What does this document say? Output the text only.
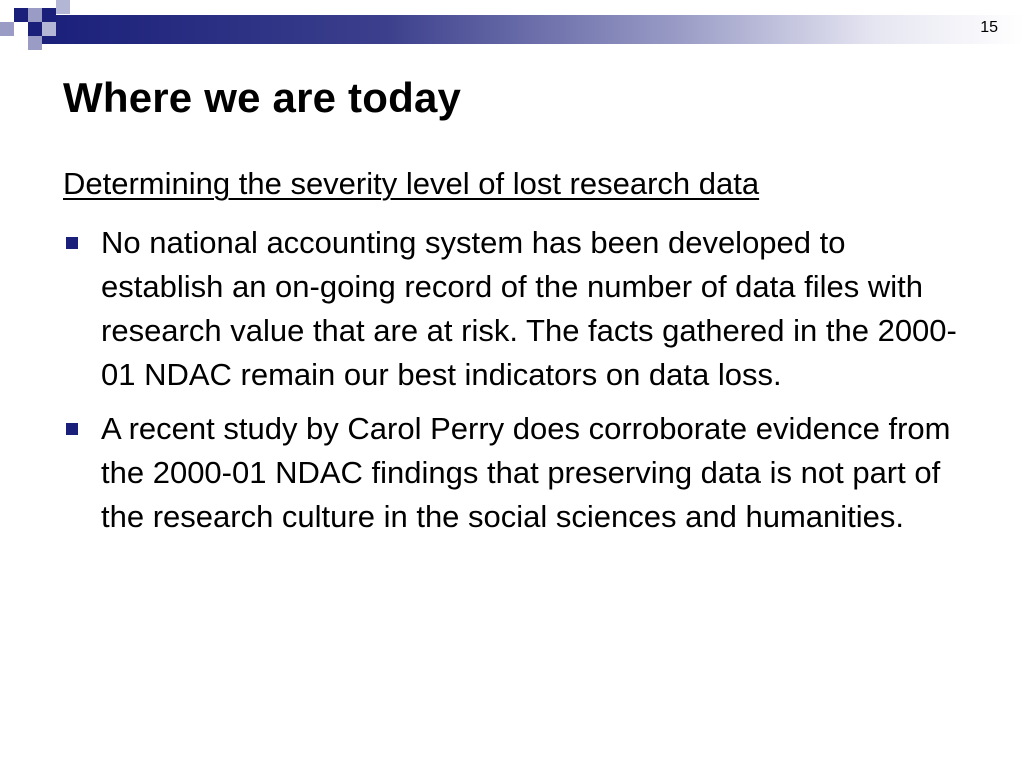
15
Where we are today
Determining the severity level of lost research data
No national accounting system has been developed to establish an on-going record of the number of data files with research value that are at risk. The facts gathered in the 2000-01 NDAC remain our best indicators on data loss.
A recent study by Carol Perry does corroborate evidence from the 2000-01 NDAC findings that preserving data is not part of the research culture in the social sciences and humanities.
